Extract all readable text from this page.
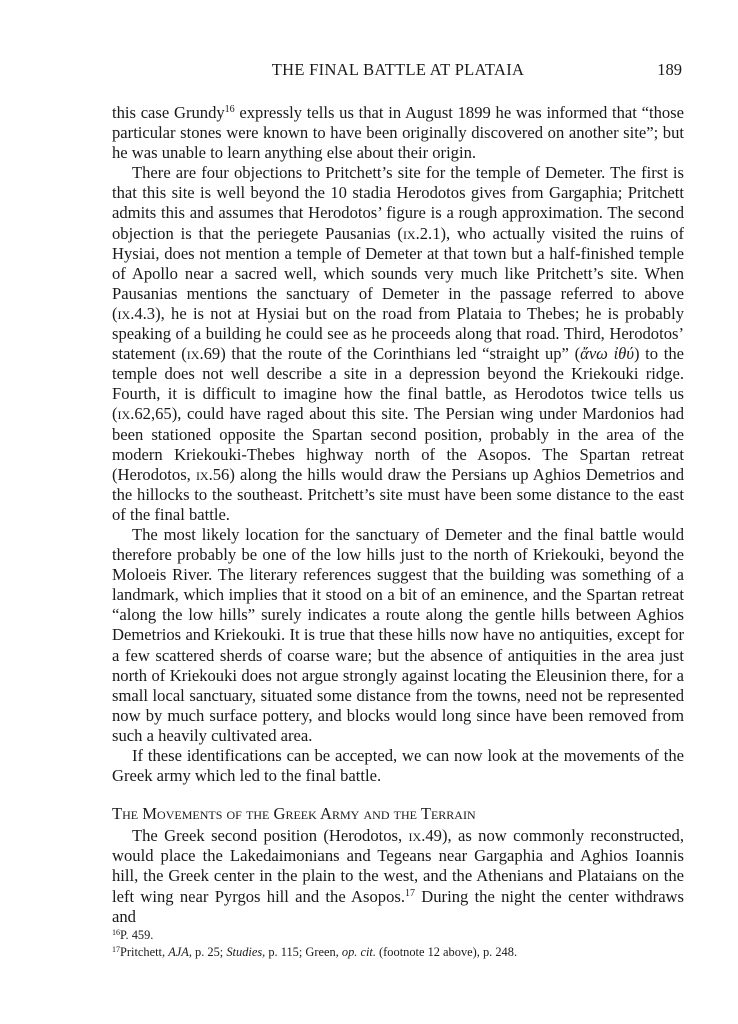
THE FINAL BATTLE AT PLATAIA	189

this case Grundy$^{16}$ expressly tells us that in August 1899 he was informed that “those particular stones were known to have been originally discovered on another site”; but he was unable to learn anything else about their origin.

There are four objections to Pritchett’s site for the temple of Demeter. The first is that this site is well beyond the 10 stadia Herodotos gives from Gargaphia; Pritchett admits this and assumes that Herodotos’ figure is a rough approximation. The second objection is that the periegete Pausanias (ix.2.1), who actually visited the ruins of Hysiai, does not mention a temple of Demeter at that town but a half-finished temple of Apollo near a sacred well, which sounds very much like Pritchett’s site. When Pausanias mentions the sanctuary of Demeter in the passage referred to above (ix.4.3), he is not at Hysiai but on the road from Plataia to Thebes; he is probably speaking of a building he could see as he proceeds along that road. Third, Herodotos’ statement (ix.69) that the route of the Corinthians led “straight up” (ἄνω ἰθύ) to the temple does not well describe a site in a depression beyond the Kriekouki ridge. Fourth, it is difficult to imagine how the final battle, as Herodotos twice tells us (ix.62,65), could have raged about this site. The Persian wing under Mardonios had been stationed opposite the Spartan second position, probably in the area of the modern Kriekouki-Thebes highway north of the Asopos. The Spartan retreat (Herodotos, ix.56) along the hills would draw the Persians up Aghios Demetrios and the hillocks to the southeast. Pritchett’s site must have been some distance to the east of the final battle.

The most likely location for the sanctuary of Demeter and the final battle would therefore probably be one of the low hills just to the north of Kriekouki, beyond the Moloeis River. The literary references suggest that the building was something of a landmark, which implies that it stood on a bit of an eminence, and the Spartan retreat “along the low hills” surely indicates a route along the gentle hills between Aghios Demetrios and Kriekouki. It is true that these hills now have no antiquities, except for a few scattered sherds of coarse ware; but the absence of antiquities in the area just north of Kriekouki does not argue strongly against locating the Eleusinion there, for a small local sanctuary, situated some distance from the towns, need not be represented now by much surface pottery, and blocks would long since have been removed from such a heavily cultivated area.

If these identifications can be accepted, we can now look at the movements of the Greek army which led to the final battle.

The Movements of the Greek Army and the Terrain

The Greek second position (Herodotos, ix.49), as now commonly reconstructed, would place the Lakedaimonians and Tegeans near Gargaphia and Aghios Ioannis hill, the Greek center in the plain to the west, and the Athenians and Plataians on the left wing near Pyrgos hill and the Asopos.$^{17}$ During the night the center withdraws and

$^{16}$P. 459.
$^{17}$Pritchett, AJA, p. 25; Studies, p. 115; Green, op. cit. (footnote 12 above), p. 248.
